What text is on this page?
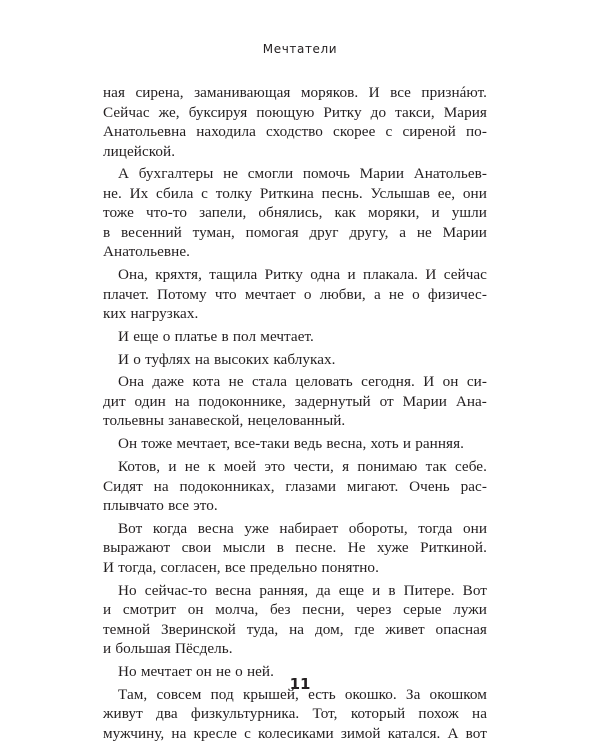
Мечтатели
ная сирена, заманивающая моряков. И все признáют.
Сейчас же, буксируя поющую Ритку до такси, Мария
Анатольевна находила сходство скорее с сиреной по-
лицейской.
А бухгалтеры не смогли помочь Марии Анатольев-
не. Их сбила с толку Риткина песнь. Услышав ее, они
тоже что-то запели, обнялись, как моряки, и ушли
в весенний туман, помогая друг другу, а не Марии
Анатольевне.
Она, кряхтя, тащила Ритку одна и плакала. И сейчас
плачет. Потому что мечтает о любви, а не о физичес-
ких нагрузках.
И еще о платье в пол мечтает.
И о туфлях на высоких каблуках.
Она даже кота не стала целовать сегодня. И он си-
дит один на подоконнике, задернутый от Марии Ана-
тольевны занавеской, нецелованный.
Он тоже мечтает, все-таки ведь весна, хоть и ранняя.
Котов, и не к моей это чести, я понимаю так себе.
Сидят на подоконниках, глазами мигают. Очень рас-
плывчато все это.
Вот когда весна уже набирает обороты, тогда они
выражают свои мысли в песне. Не хуже Риткиной.
И тогда, согласен, все предельно понятно.
Но сейчас-то весна ранняя, да еще и в Питере. Вот
и смотрит он молча, без песни, через серые лужи
темной Зверинской туда, на дом, где живет опасная
и большая Пёсдель.
Но мечтает он не о ней.
Там, совсем под крышей, есть окошко. За окошком
живут два физкультурника. Тот, который похож на
мужчину, на кресле с колесиками зимой катался. А вот
11
